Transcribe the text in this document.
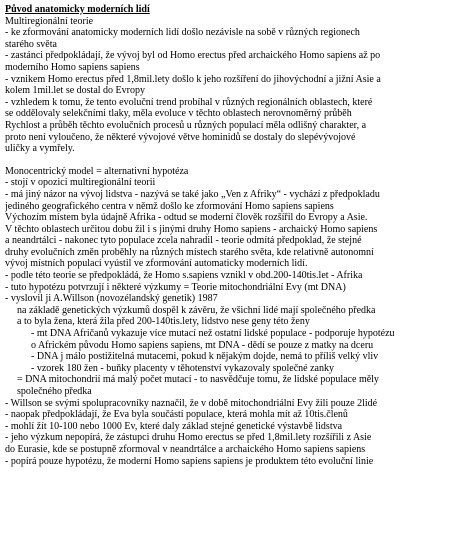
Původ anatomicky moderních lidí
Multiregionální teorie
- ke zformování anatomicky moderních lidí došlo nezávisle na sobě v různých regionech
starého světa
- zastánci předpokládají, že vývoj byl od Homo erectus před archaického Homo sapiens až po
moderního Homo sapiens sapiens
- vznikem Homo erectus před 1,8mil.lety došlo k jeho rozšíření do jihovýchodní a jižní Asie a
kolem 1mil.let se dostal do Evropy
- vzhledem k tomu, že tento evoluční trend probíhal v různých regionálních oblastech, které
se oddělovaly selekčními tlaky, měla evoluce v těchto oblastech nerovnoměrný průběh
Rychlost a průběh těchto evolučních procesů u různých populací měla odlišný charakter, a
proto není vyloučeno, že některé vývojové větve hominidů se dostaly do slepévývojové
uličky a vymřely.
Monocentrický model = alternativní hypotéza
- stojí v opozici multiregionální teorii
- má jiný názor na vývoj lidstva - nazývá se také jako „Ven z Afriky“ - vychází z předpokladu
jediného geografického centra v němž došlo ke zformování Homo sapiens sapiens
Výchozím místem byla údajně Afrika - odtud se moderní člověk rozšířil do Evropy a Asie.
V těchto oblastech určitou dobu žil i s jinými druhy Homo sapiens - archaický Homo sapiens
a neandrtálci - nakonec tyto populace zcela nahradil - teorie odmítá předpoklad, že stejné
druhy evolučních změn proběhly na různých místech starého světa, kde relativně autonomní
vývoj místních populací vyústil ve zformování automaticky moderních lidí.
- podle této teorie se předpokládá, že Homo s.sapiens vznikl v obd.200-140tis.let - Afrika
- tuto hypotézu potvrzují i některé výzkumy = Teorie mitochondriální Evy (mt DNA)
- vyslovil ji A.Willson (novozélandský genetik) 1987
na základě genetických výzkumů dospěl k závěru, že všichni lidé mají společného předka
a to byla žena, která žila před 200-140tis.lety, lidstvo nese geny této ženy
- mt DNA Afričanů vykazuje více mutací než ostatní lidské populace - podporuje hypotézu
o Africkém původu Homo sapiens sapiens, mt DNA - dědí se pouze z matky na dceru
- DNA j málo postižitelná mutacemi, pokud k nějakým dojde, nemá to příliš velký vliv
- vzorek 180 žen - buňky placenty v těhotenství vykazovaly společné zanky
= DNA mitochondrií má malý počet mutací - to nasvědčuje tomu, že lidské populace měly
společného předka
- Willson se svými spolupracovníky naznačil, že v době mitochondriální Evy žili pouze 2lidé
- naopak předpokládají, že Eva byla součástí populace, která mohla mít až 10tis.členů
- mohlí žít 10-100 nebo 1000 Ev, které daly základ stejné genetické výstavbě lidstva
- jeho výzkum nepopírá, že zástupci druhu Homo erectus se před 1,8mil.lety rozšířili z Asie
do Eurasie, kde se postupně zformoval v neandrtálce a archaického Homo sapiens sapiens
- popírá pouze hypotézu, že moderní Homo sapiens sapiens je produktem této evoluční linie
